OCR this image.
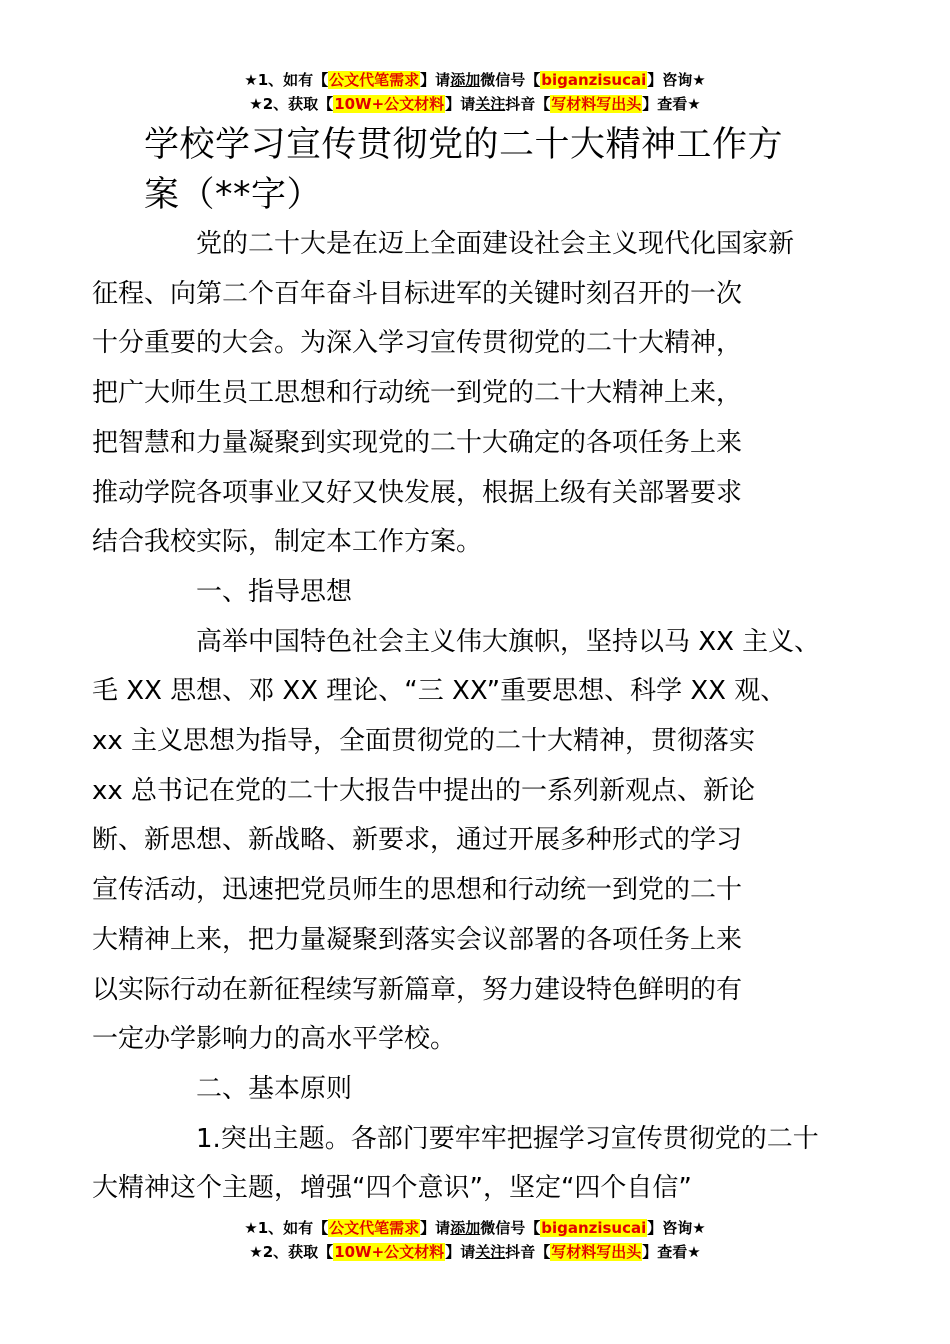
★1、如有【公文代笔需求】请添加微信号【biganzisucai】咨询★
★2、获取【10W+公文材料】请关注抖音【写材料写出头】查看★
学校学习宣传贯彻党的二十大精神工作方
案（**字）
党的二十大是在迈上全面建设社会主义现代化国家新
征程、向第二个百年奋斗目标进军的关键时刻召开的一次
十分重要的大会。为深入学习宣传贯彻党的二十大精神，
把广大师生员工思想和行动统一到党的二十大精神上来，
把智慧和力量凝聚到实现党的二十大确定的各项任务上来
推动学院各项事业又好又快发展，根据上级有关部署要求
结合我校实际，制定本工作方案。
一、指导思想
高举中国特色社会主义伟大旗帜，坚持以马 XX 主义、
毛 XX 思想、邓 XX 理论、“三 XX”重要思想、科学 XX 观、
xx 主义思想为指导，全面贯彻党的二十大精神，贯彻落实
xx 总书记在党的二十大报告中提出的一系列新观点、新论
断、新思想、新战略、新要求，通过开展多种形式的学习
宣传活动，迅速把党员师生的思想和行动统一到党的二十
大精神上来，把力量凝聚到落实会议部署的各项任务上来
以实际行动在新征程续写新篇章，努力建设特色鲜明的有
一定办学影响力的高水平学校。
二、基本原则
1.突出主题。各部门要牢牢把握学习宣传贯彻党的二十
大精神这个主题，增强“四个意识”，坚定“四个自信”
★1、如有【公文代笔需求】请添加微信号【biganzisucai】咨询★
★2、获取【10W+公文材料】请关注抖音【写材料写出头】查看★
